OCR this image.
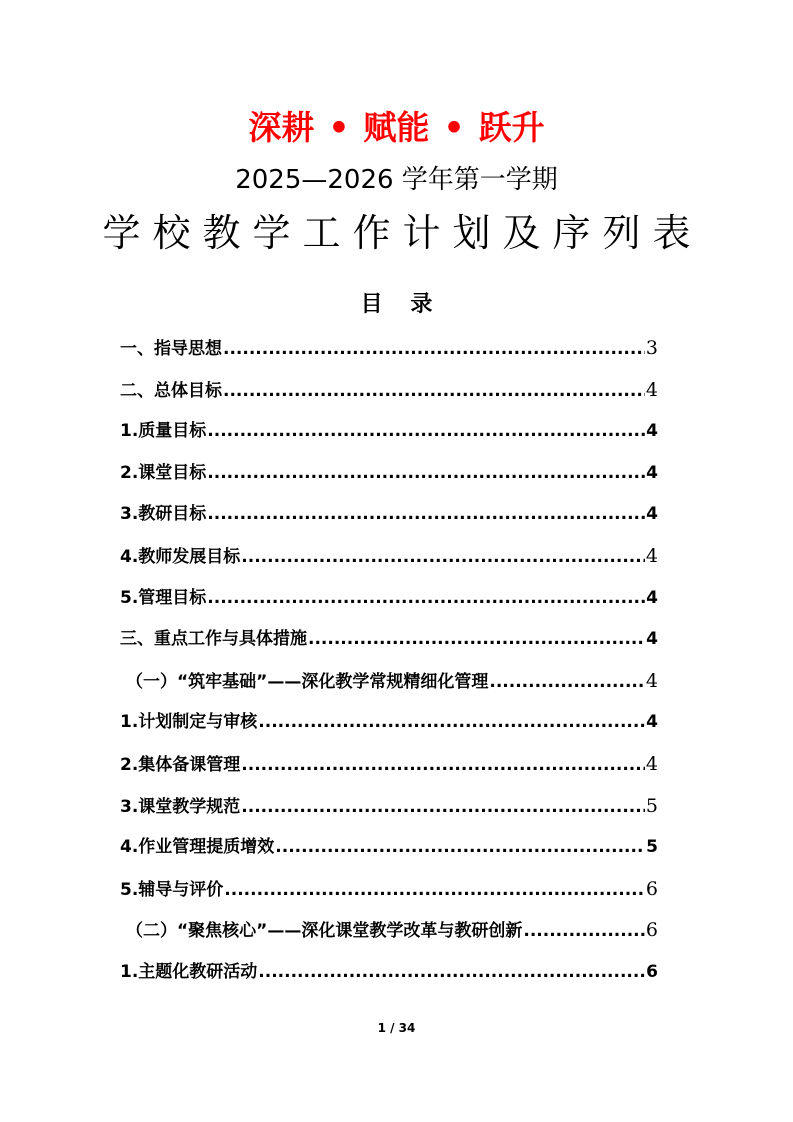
深耕 • 赋能 • 跃升
2025—2026 学年第一学期
学校教学工作计划及序列表
目 录
一、指导思想 .....	3
二、总体目标 .....	4
1.质量目标 .....	4
2.课堂目标 .....	4
3.教研目标 .....	4
4.教师发展目标 .....	4
5.管理目标 .....	4
三、重点工作与具体措施 .....	4
（一）“筑牢基础”——深化教学常规精细化管理 .....	4
1.计划制定与审核 .....	4
2.集体备课管理 .....	4
3.课堂教学规范 .....	5
4.作业管理提质增效 .....	5
5.辅导与评价 .....	6
（二）“聚焦核心”——深化课堂教学改革与教研创新 .....	6
1.主题化教研活动 .....	6
1 / 34
